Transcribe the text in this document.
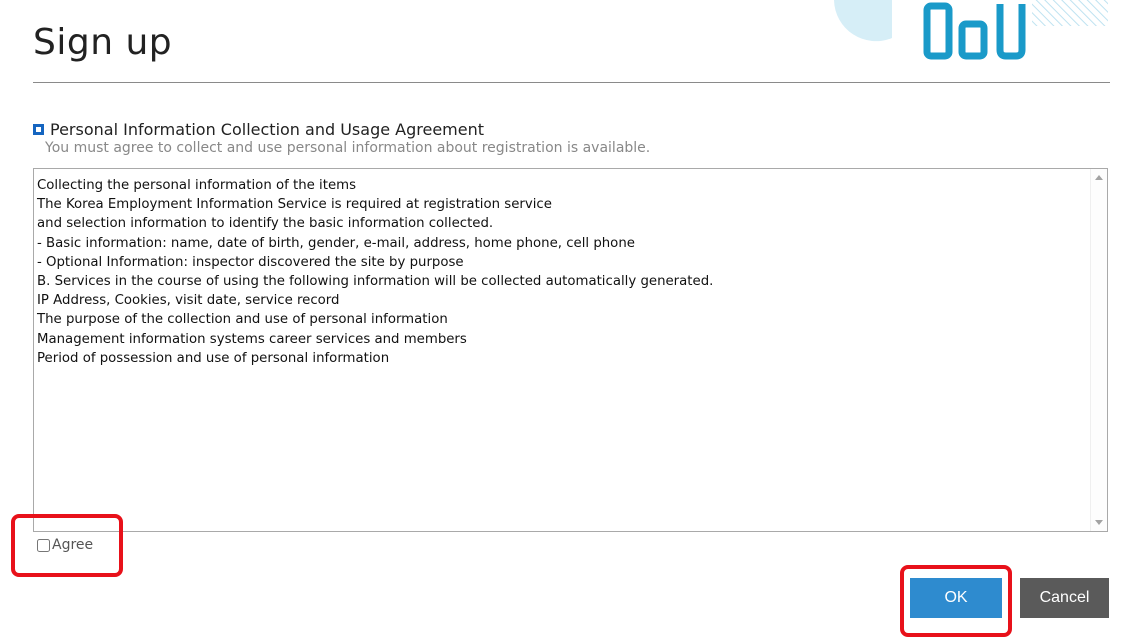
Sign up
Personal Information Collection and Usage Agreement
You must agree to collect and use personal information about registration is available.
Collecting the personal information of the items
The Korea Employment Information Service is required at registration service
and selection information to identify the basic information collected.
- Basic information: name, date of birth, gender, e-mail, address, home phone, cell phone
- Optional Information: inspector discovered the site by purpose
B. Services in the course of using the following information will be collected automatically generated.
IP Address, Cookies, visit date, service record
The purpose of the collection and use of personal information
Management information systems career services and members
Period of possession and use of personal information
Agree
OK	Cancel
